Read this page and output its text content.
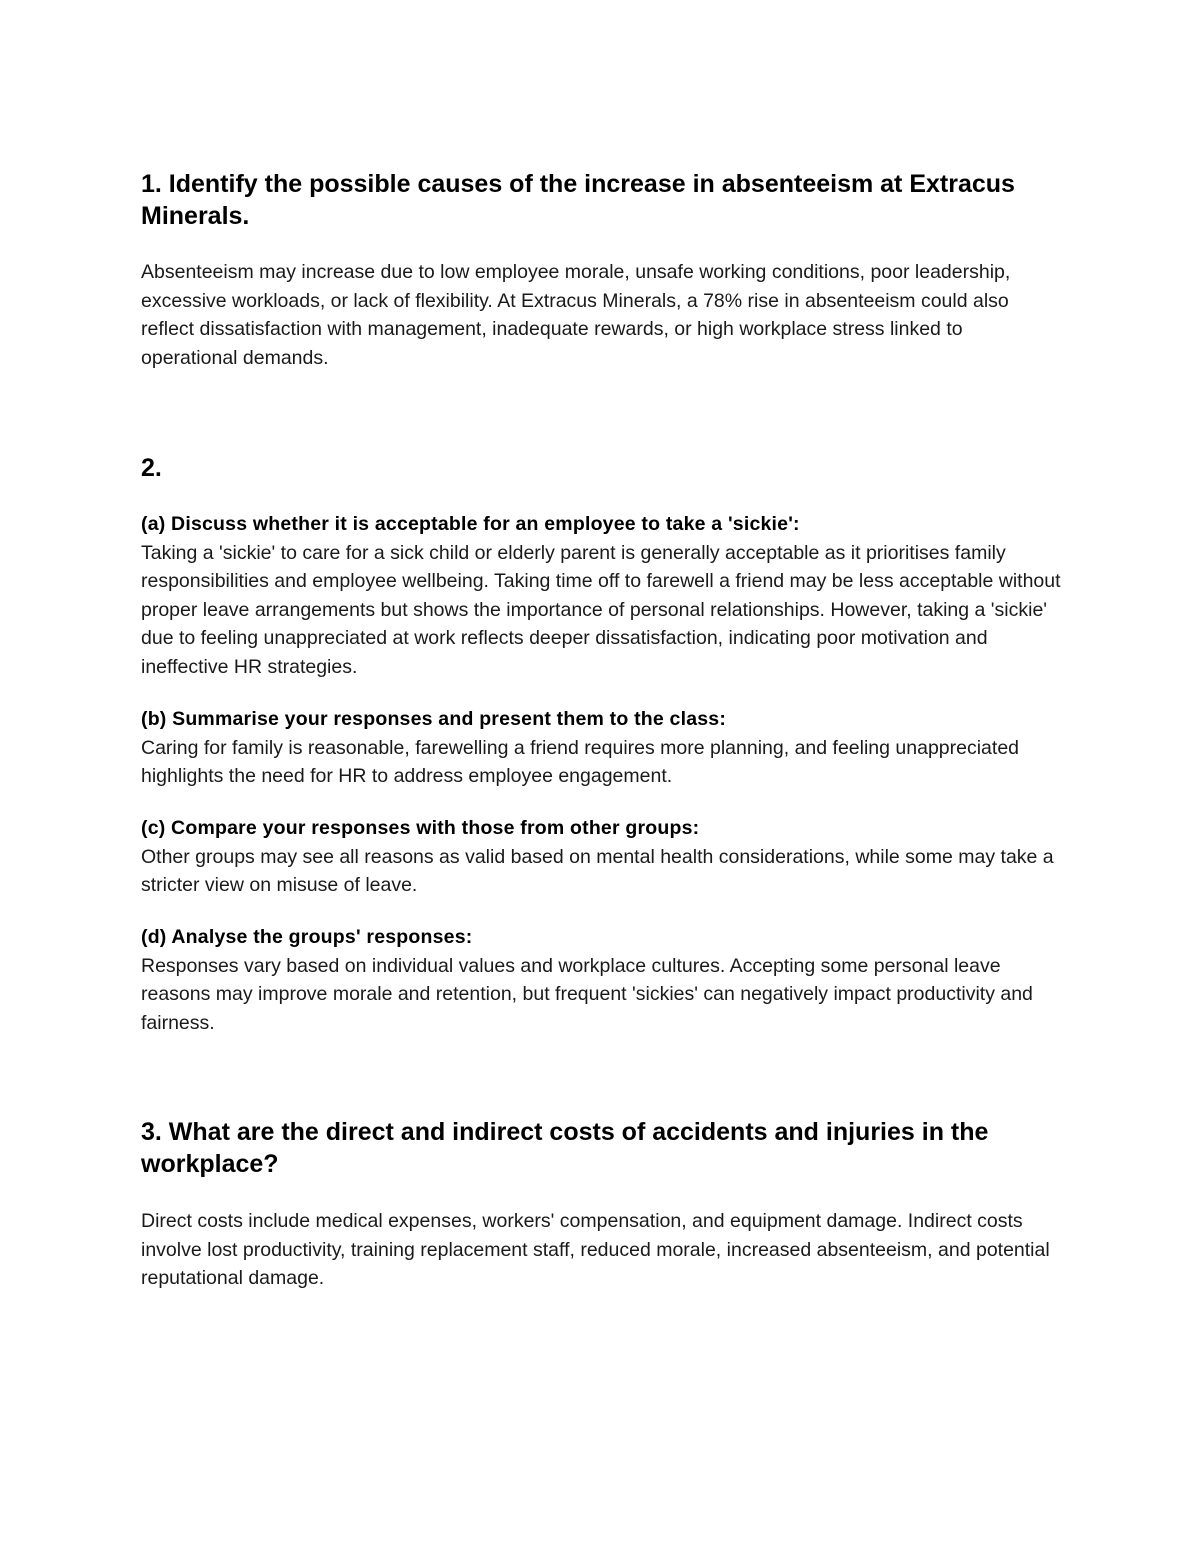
1. Identify the possible causes of the increase in absenteeism at Extracus Minerals.

Absenteeism may increase due to low employee morale, unsafe working conditions, poor leadership, excessive workloads, or lack of flexibility. At Extracus Minerals, a 78% rise in absenteeism could also reflect dissatisfaction with management, inadequate rewards, or high workplace stress linked to operational demands.

2.

(a) Discuss whether it is acceptable for an employee to take a 'sickie':

Taking a 'sickie' to care for a sick child or elderly parent is generally acceptable as it prioritises family responsibilities and employee wellbeing. Taking time off to farewell a friend may be less acceptable without proper leave arrangements but shows the importance of personal relationships. However, taking a 'sickie' due to feeling unappreciated at work reflects deeper dissatisfaction, indicating poor motivation and ineffective HR strategies.

(b) Summarise your responses and present them to the class:

Caring for family is reasonable, farewelling a friend requires more planning, and feeling unappreciated highlights the need for HR to address employee engagement.

(c) Compare your responses with those from other groups:

Other groups may see all reasons as valid based on mental health considerations, while some may take a stricter view on misuse of leave.

(d) Analyse the groups' responses:

Responses vary based on individual values and workplace cultures. Accepting some personal leave reasons may improve morale and retention, but frequent 'sickies' can negatively impact productivity and fairness.

3. What are the direct and indirect costs of accidents and injuries in the workplace?

Direct costs include medical expenses, workers' compensation, and equipment damage. Indirect costs involve lost productivity, training replacement staff, reduced morale, increased absenteeism, and potential reputational damage.
